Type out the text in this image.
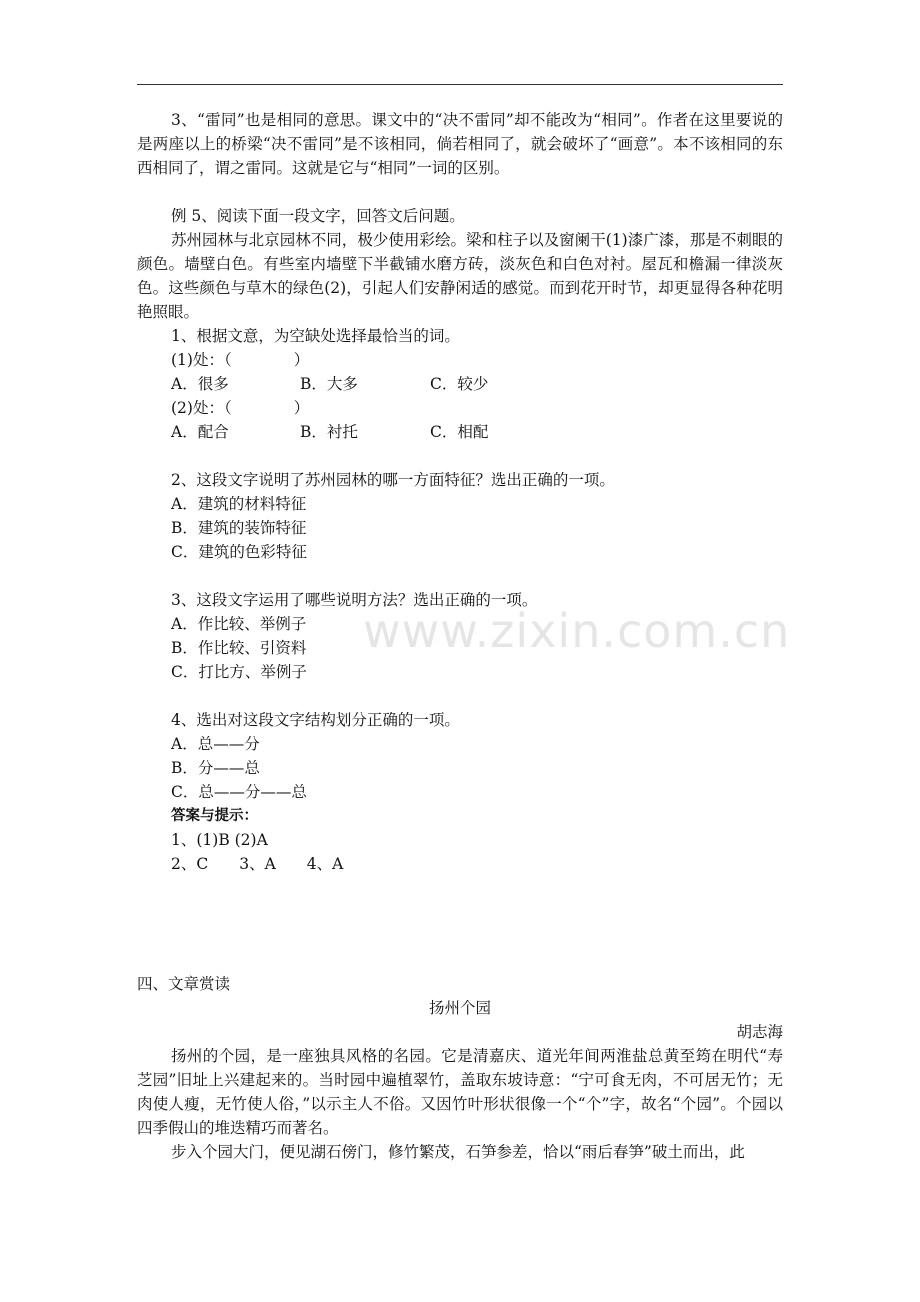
3、“雷同”也是相同的意思。课文中的“决不雷同”却不能改为“相同”。作者在这里要说的是两座以上的桥梁“决不雷同”是不该相同，倘若相同了，就会破坏了“画意”。本不该相同的东西相同了，谓之雷同。这就是它与“相同”一词的区别。

例 5、阅读下面一段文字，回答文后问题。

苏州园林与北京园林不同，极少使用彩绘。梁和柱子以及窗阑干(1)漆广漆，那是不刺眼的颜色。墙壁白色。有些室内墙壁下半截铺水磨方砖，淡灰色和白色对衬。屋瓦和檐漏一律淡灰色。这些颜色与草木的绿色(2)，引起人们安静闲适的感觉。而到花开时节，却更显得各种花明艳照眼。

1、根据文意，为空缺处选择最恰当的词。
(1)处：（　　　　）
A．很多	B．大多	C．较少
(2)处：（　　　　）
A．配合	B．衬托	C．相配
2、这段文字说明了苏州园林的哪一方面特征？选出正确的一项。
A．建筑的材料特征
B．建筑的装饰特征
C．建筑的色彩特征
3、这段文字运用了哪些说明方法？选出正确的一项。
A．作比较、举例子
B．作比较、引资料
C．打比方、举例子
4、选出对这段文字结构划分正确的一项。
A．总——分
B．分——总
C．总——分——总
答案与提示：
1、(1)B (2)A
2、C　　3、A　　4、A
四、文章赏读
扬州个园
胡志海

扬州的个园，是一座独具风格的名园。它是清嘉庆、道光年间两淮盐总黄至筠在明代“寿芝园”旧址上兴建起来的。当时园中遍植翠竹，盖取东坡诗意：“宁可食无肉，不可居无竹；无肉使人瘦，无竹使人俗，”以示主人不俗。又因竹叶形状很像一个“个”字，故名“个园”。个园以四季假山的堆迭精巧而著名。

步入个园大门，便见湖石傍门，修竹繁茂，石笋参差，恰以“雨后春笋”破土而出，此

www.zixin.com.cn
